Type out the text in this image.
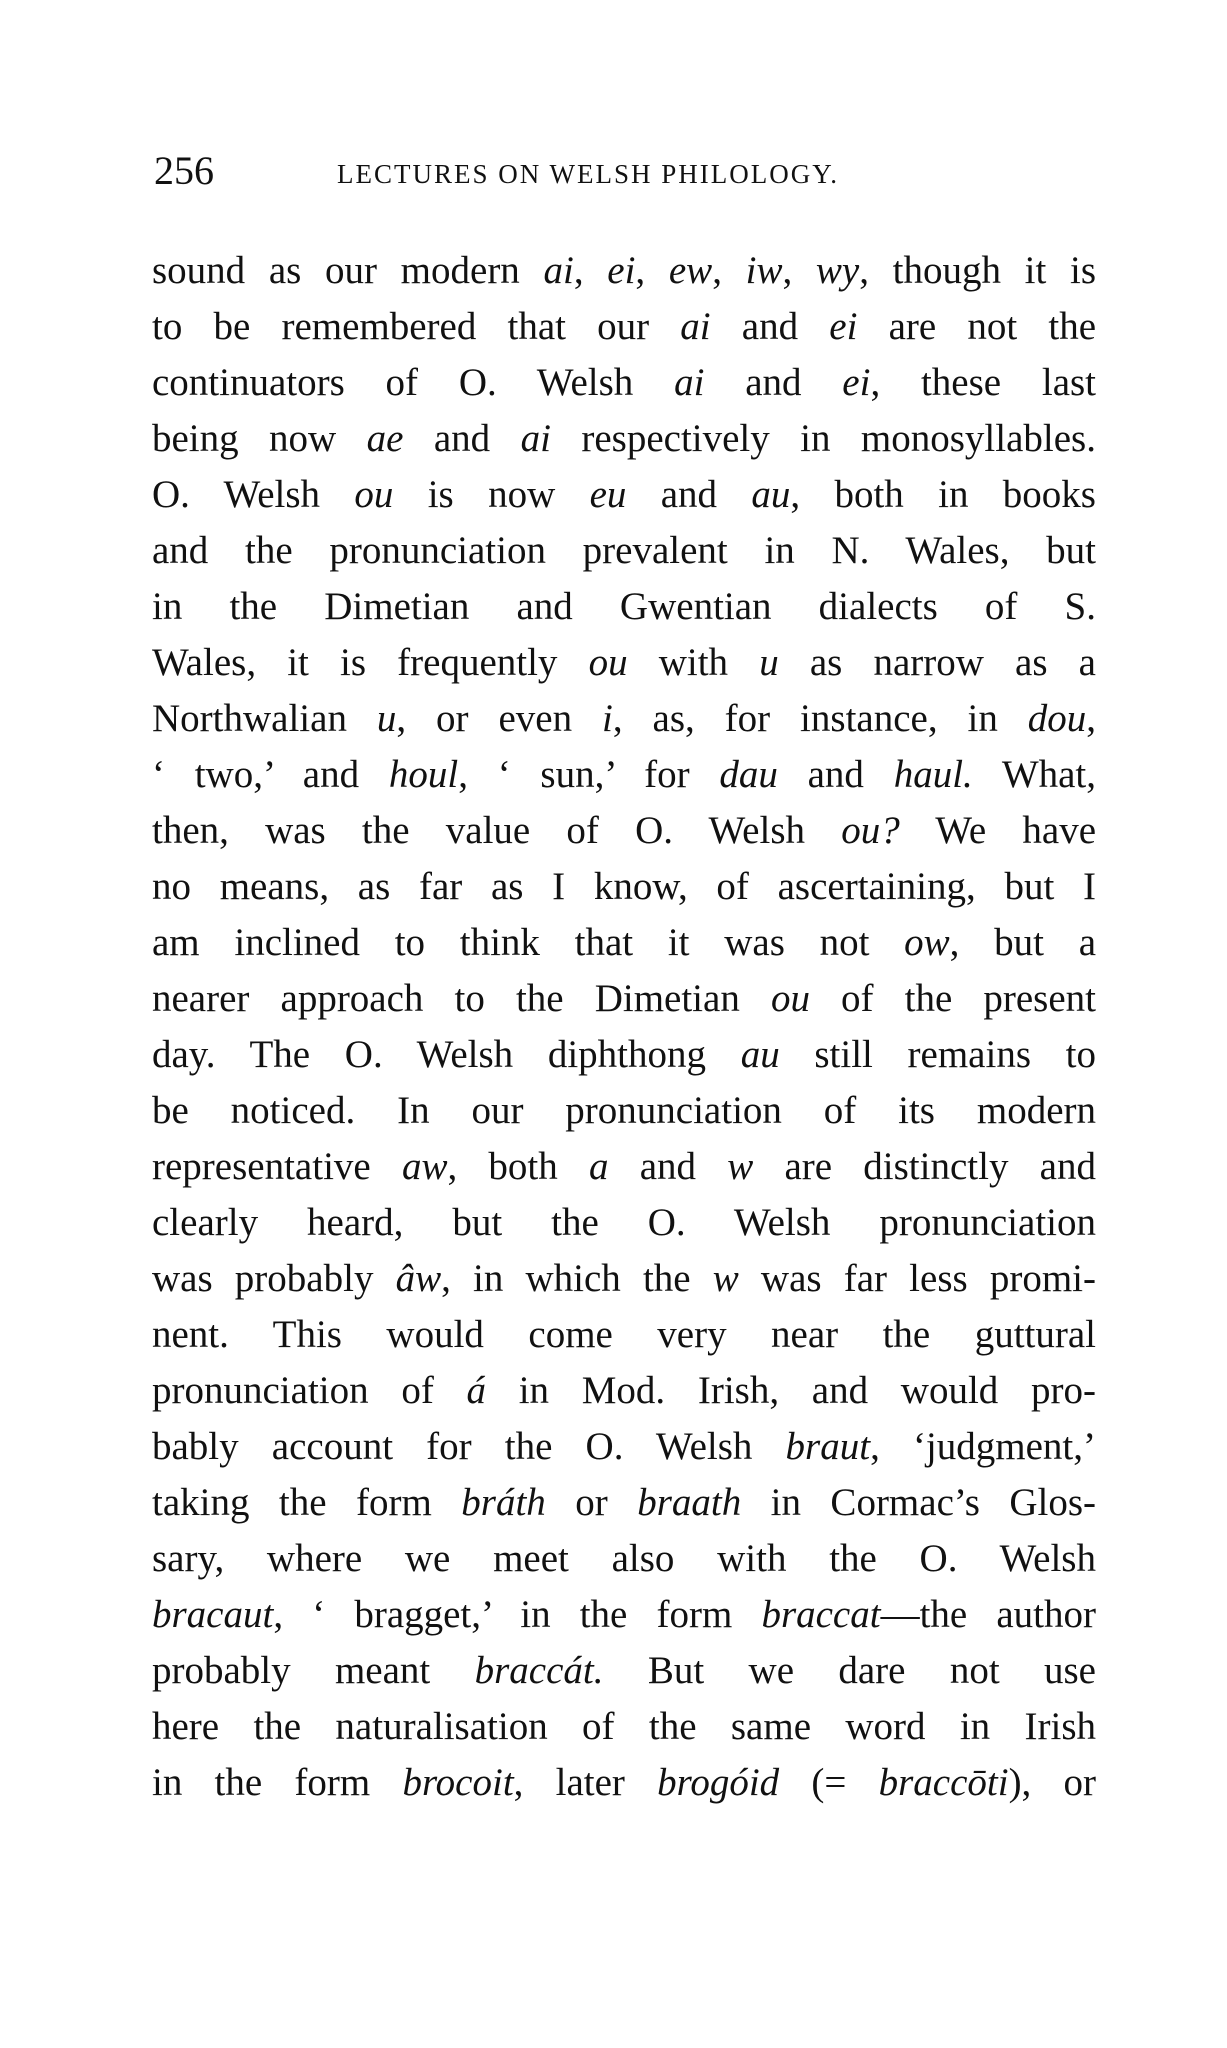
256	LECTURES ON WELSH PHILOLOGY.
sound as our modern ai, ei, ew, iw, wy, though it is
to be remembered that our ai and ei are not the
continuators of O. Welsh ai and ei, these last
being now ae and ai respectively in monosyllables.
O. Welsh ou is now eu and au, both in books
and the pronunciation prevalent in N. Wales, but
in the Dimetian and Gwentian dialects of S.
Wales, it is frequently ou with u as narrow as a
Northwalian u, or even i, as, for instance, in dou,
‘ two,’ and houl, ‘ sun,’ for dau and haul. What,
then, was the value of O. Welsh ou? We have
no means, as far as I know, of ascertaining, but I
am inclined to think that it was not ow, but a
nearer approach to the Dimetian ou of the present
day. The O. Welsh diphthong au still remains to
be noticed. In our pronunciation of its modern
representative aw, both a and w are distinctly and
clearly heard, but the O. Welsh pronunciation
was probably âw, in which the w was far less promi-
nent. This would come very near the guttural
pronunciation of á in Mod. Irish, and would pro-
bably account for the O. Welsh braut, ‘judgment,’
taking the form bráth or braath in Cormac’s Glos-
sary, where we meet also with the O. Welsh
bracaut, ‘ bragget,’ in the form braccat—the author
probably meant braccát. But we dare not use
here the naturalisation of the same word in Irish
in the form brocoit, later brogóid (= braccōti), or
